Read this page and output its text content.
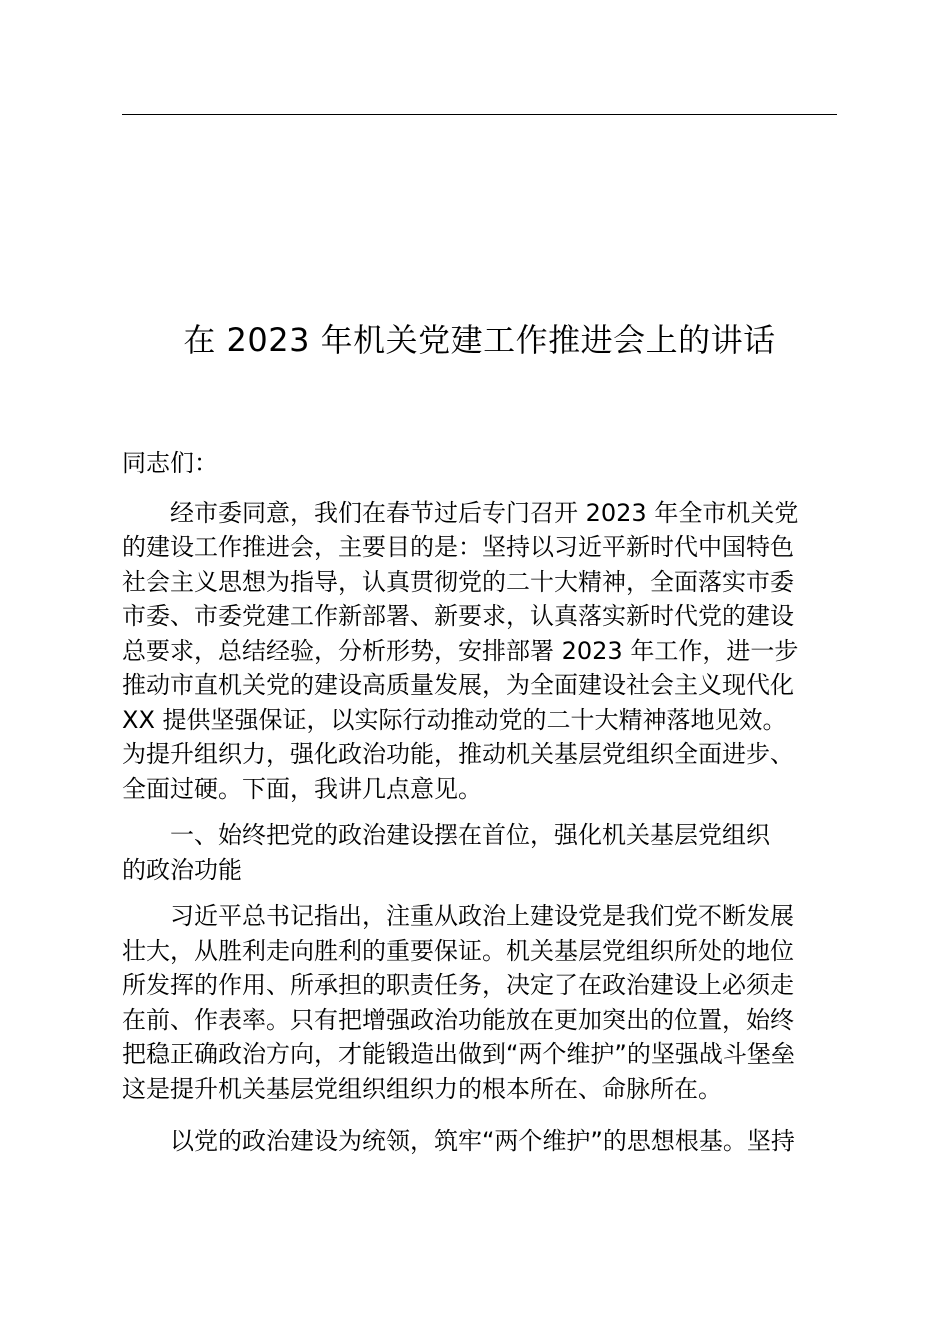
在 2023 年机关党建工作推进会上的讲话
同志们：

　　经市委同意，我们在春节过后专门召开 2023 年全市机关党

的建设工作推进会，主要目的是：坚持以习近平新时代中国特色

社会主义思想为指导，认真贯彻党的二十大精神，全面落实市委

市委、市委党建工作新部署、新要求，认真落实新时代党的建设

总要求，总结经验，分析形势，安排部署 2023 年工作，进一步

推动市直机关党的建设高质量发展，为全面建设社会主义现代化

XX 提供坚强保证，以实际行动推动党的二十大精神落地见效。

为提升组织力，强化政治功能，推动机关基层党组织全面进步、

全面过硬。下面，我讲几点意见。

　　一、始终把党的政治建设摆在首位，强化机关基层党组织

的政治功能

　　习近平总书记指出，注重从政治上建设党是我们党不断发展

壮大，从胜利走向胜利的重要保证。机关基层党组织所处的地位

所发挥的作用、所承担的职责任务，决定了在政治建设上必须走

在前、作表率。只有把增强政治功能放在更加突出的位置，始终

把稳正确政治方向，才能锻造出做到“两个维护”的坚强战斗堡垒

这是提升机关基层党组织组织力的根本所在、命脉所在。

　　以党的政治建设为统领，筑牢“两个维护”的思想根基。坚持
